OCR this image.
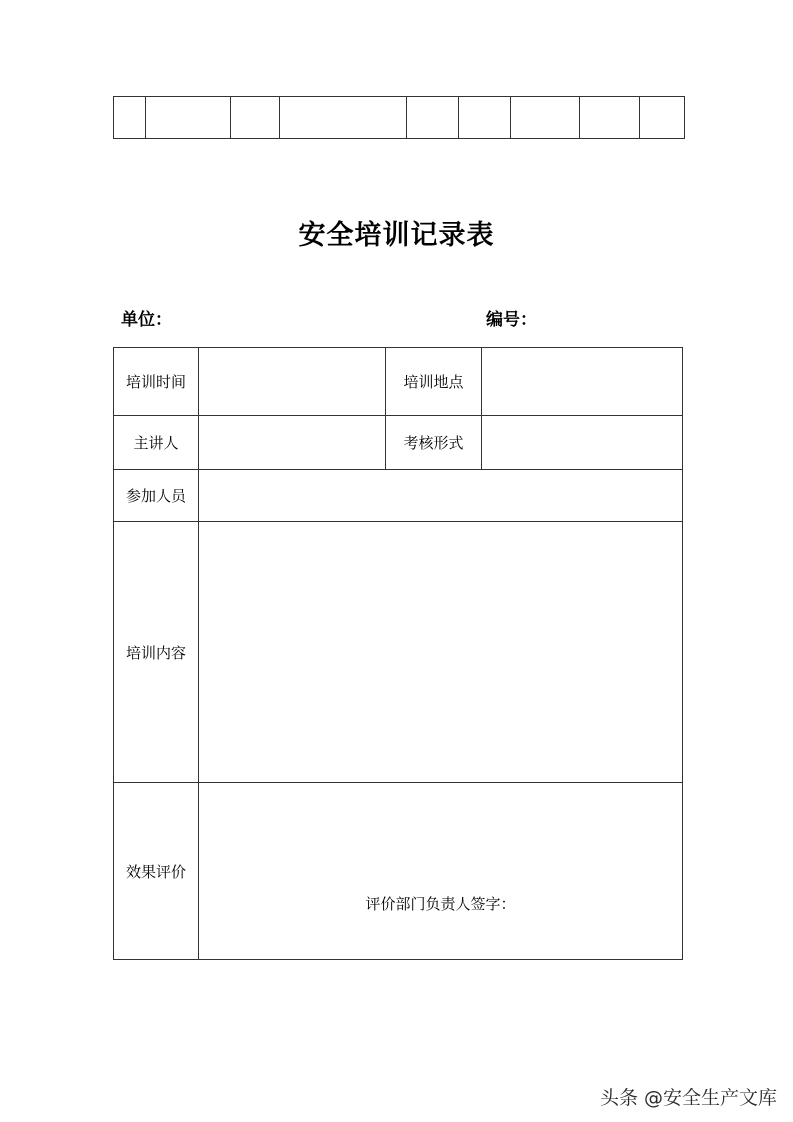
安全培训记录表
单位：	编号：
培训时间		培训地点	
主讲人		考核形式	
参加人员			
培训内容			
效果评价	评价部门负责人签字：		
头条 @安全生产文库
